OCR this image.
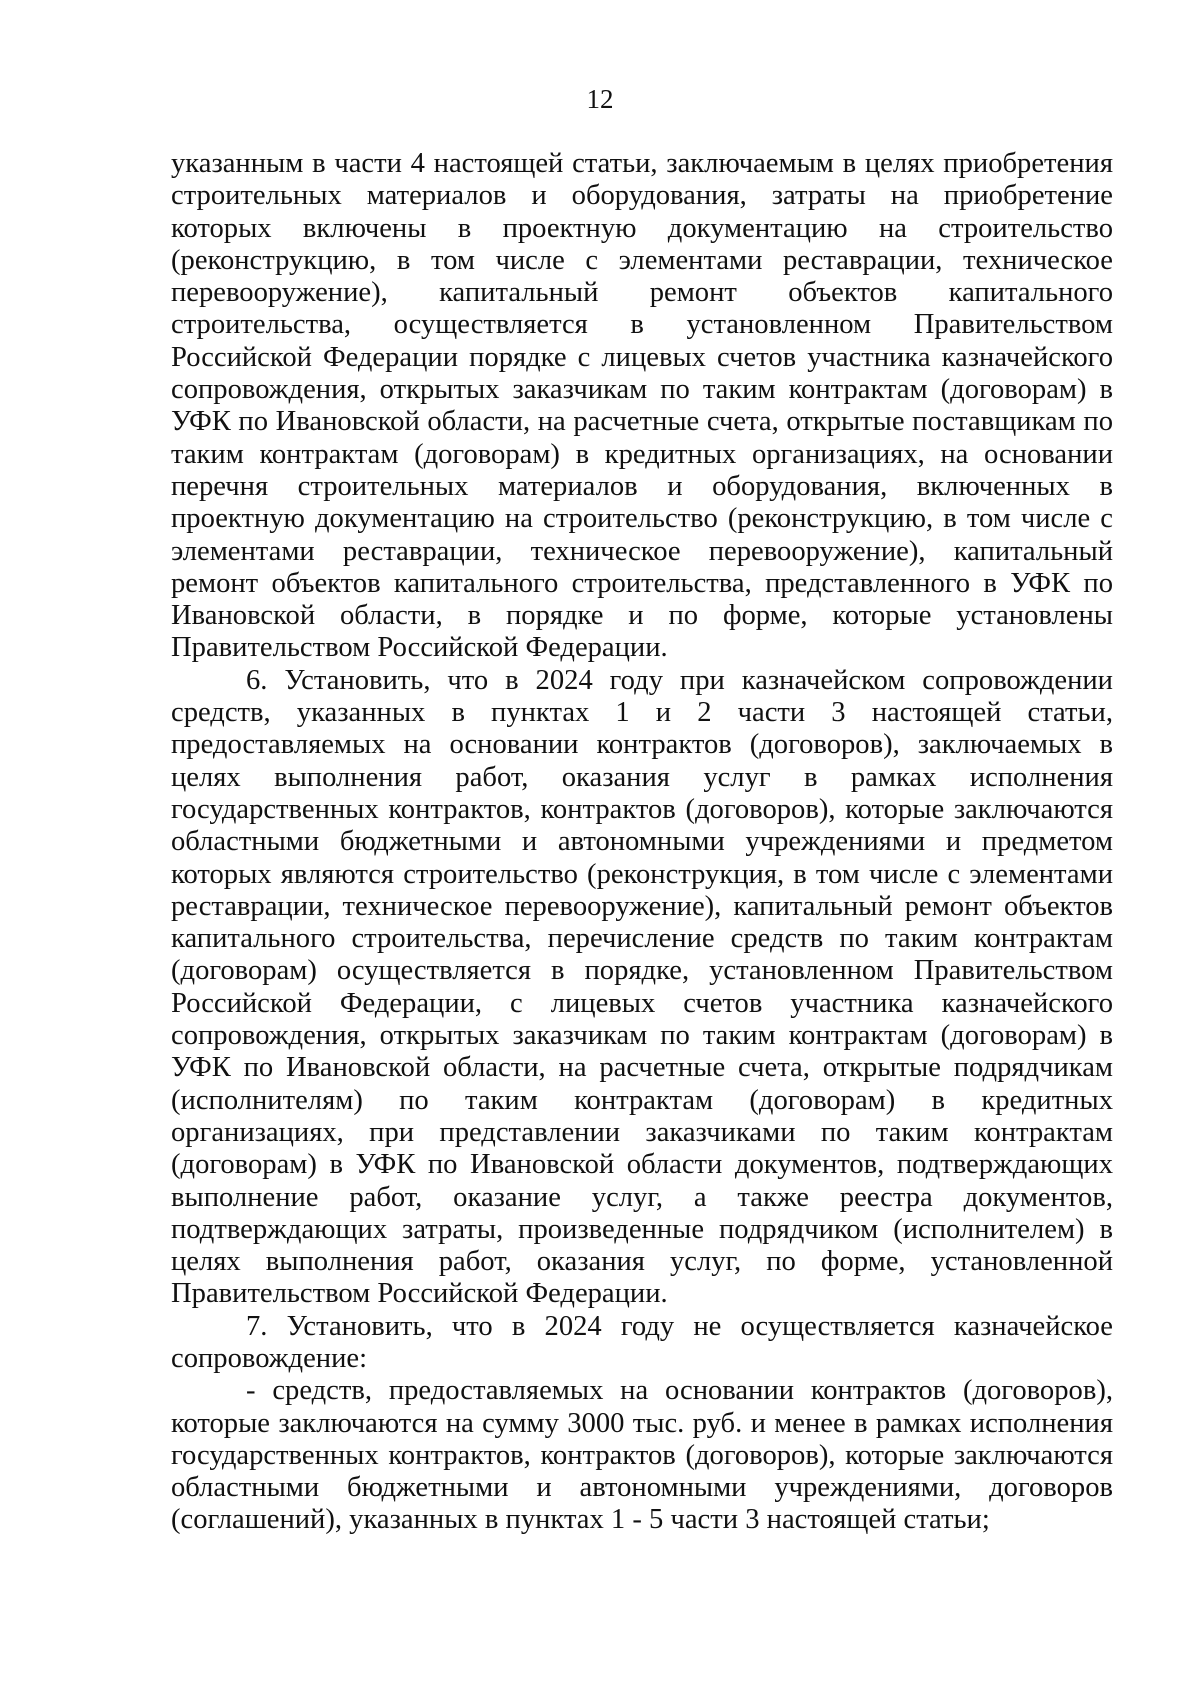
12

указанным в части 4 настоящей статьи, заключаемым в целях приобретения строительных материалов и оборудования, затраты на приобретение которых включены в проектную документацию на строительство (реконструкцию, в том числе с элементами реставрации, техническое перевооружение), капитальный ремонт объектов капитального строительства, осуществляется в установленном Правительством Российской Федерации порядке с лицевых счетов участника казначейского сопровождения, открытых заказчикам по таким контрактам (договорам) в УФК по Ивановской области, на расчетные счета, открытые поставщикам по таким контрактам (договорам) в кредитных организациях, на основании перечня строительных материалов и оборудования, включенных в проектную документацию на строительство (реконструкцию, в том числе с элементами реставрации, техническое перевооружение), капитальный ремонт объектов капитального строительства, представленного в УФК по Ивановской области, в порядке и по форме, которые установлены Правительством Российской Федерации.

6. Установить, что в 2024 году при казначейском сопровождении средств, указанных в пунктах 1 и 2 части 3 настоящей статьи, предоставляемых на основании контрактов (договоров), заключаемых в целях выполнения работ, оказания услуг в рамках исполнения государственных контрактов, контрактов (договоров), которые заключаются областными бюджетными и автономными учреждениями и предметом которых являются строительство (реконструкция, в том числе с элементами реставрации, техническое перевооружение), капитальный ремонт объектов капитального строительства, перечисление средств по таким контрактам (договорам) осуществляется в порядке, установленном Правительством Российской Федерации, с лицевых счетов участника казначейского сопровождения, открытых заказчикам по таким контрактам (договорам) в УФК по Ивановской области, на расчетные счета, открытые подрядчикам (исполнителям) по таким контрактам (договорам) в кредитных организациях, при представлении заказчиками по таким контрактам (договорам) в УФК по Ивановской области документов, подтверждающих выполнение работ, оказание услуг, а также реестра документов, подтверждающих затраты, произведенные подрядчиком (исполнителем) в целях выполнения работ, оказания услуг, по форме, установленной Правительством Российской Федерации.

7. Установить, что в 2024 году не осуществляется казначейское сопровождение:

- средств, предоставляемых на основании контрактов (договоров), которые заключаются на сумму 3000 тыс. руб. и менее в рамках исполнения государственных контрактов, контрактов (договоров), которые заключаются областными бюджетными и автономными учреждениями, договоров (соглашений), указанных в пунктах 1 - 5 части 3 настоящей статьи;
